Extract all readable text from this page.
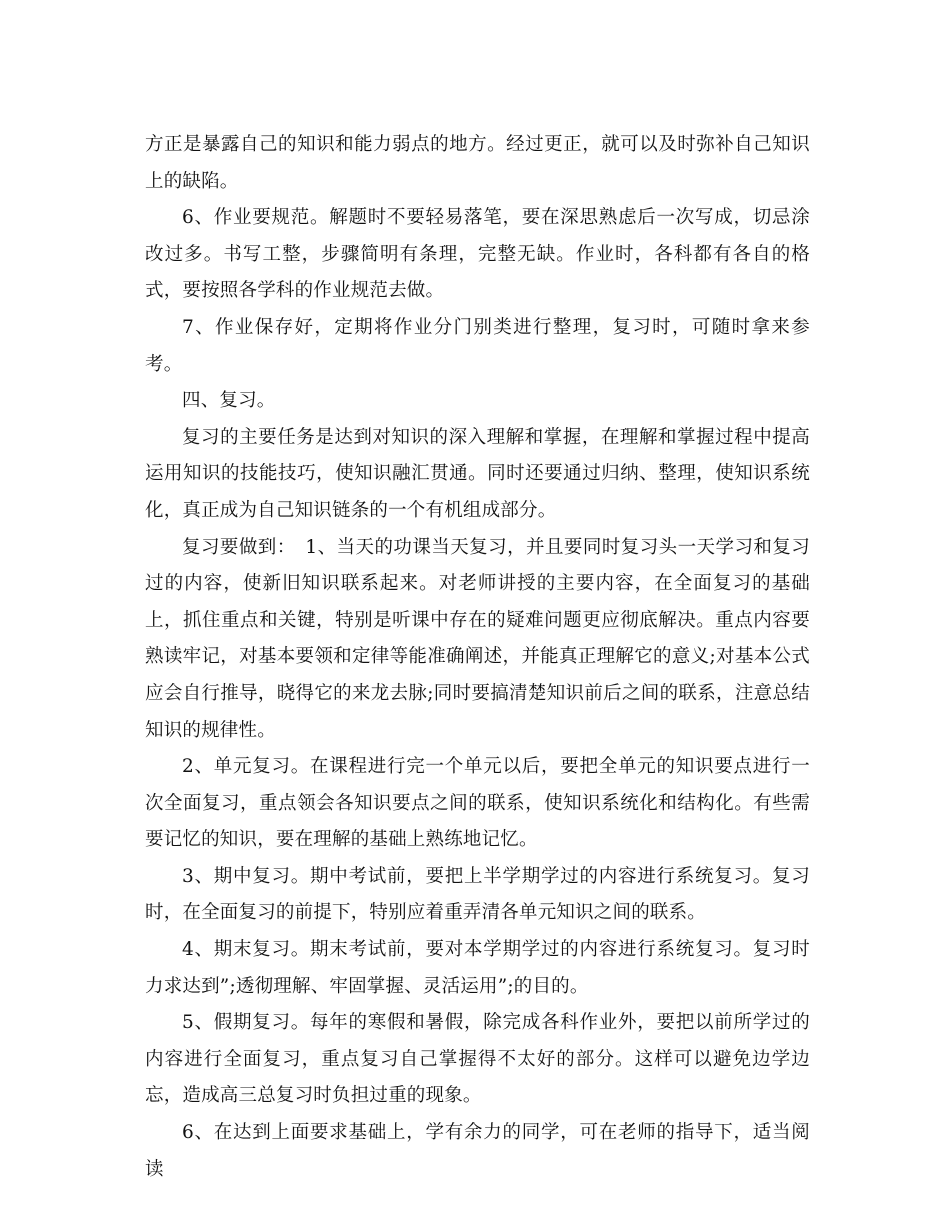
方正是暴露自己的知识和能力弱点的地方。经过更正，就可以及时弥补自己知识上的缺陷。

6、作业要规范。解题时不要轻易落笔，要在深思熟虑后一次写成，切忌涂改过多。书写工整，步骤简明有条理，完整无缺。作业时，各科都有各自的格式，要按照各学科的作业规范去做。

7、作业保存好，定期将作业分门别类进行整理，复习时，可随时拿来参考。

四、复习。

复习的主要任务是达到对知识的深入理解和掌握，在理解和掌握过程中提高运用知识的技能技巧，使知识融汇贯通。同时还要通过归纳、整理，使知识系统化，真正成为自己知识链条的一个有机组成部分。

复习要做到：　1、当天的功课当天复习，并且要同时复习头一天学习和复习过的内容，使新旧知识联系起来。对老师讲授的主要内容，在全面复习的基础上，抓住重点和关键，特别是听课中存在的疑难问题更应彻底解决。重点内容要熟读牢记，对基本要领和定律等能准确阐述，并能真正理解它的意义;对基本公式应会自行推导，晓得它的来龙去脉;同时要搞清楚知识前后之间的联系，注意总结知识的规律性。

2、单元复习。在课程进行完一个单元以后，要把全单元的知识要点进行一次全面复习，重点领会各知识要点之间的联系，使知识系统化和结构化。有些需要记忆的知识，要在理解的基础上熟练地记忆。

3、期中复习。期中考试前，要把上半学期学过的内容进行系统复习。复习时，在全面复习的前提下，特别应着重弄清各单元知识之间的联系。

4、期末复习。期末考试前，要对本学期学过的内容进行系统复习。复习时力求达到”;透彻理解、牢固掌握、灵活运用”;的目的。

5、假期复习。每年的寒假和暑假，除完成各科作业外，要把以前所学过的内容进行全面复习，重点复习自己掌握得不太好的部分。这样可以避免边学边忘，造成高三总复习时负担过重的现象。

6、在达到上面要求基础上，学有余力的同学，可在老师的指导下，适当阅读
